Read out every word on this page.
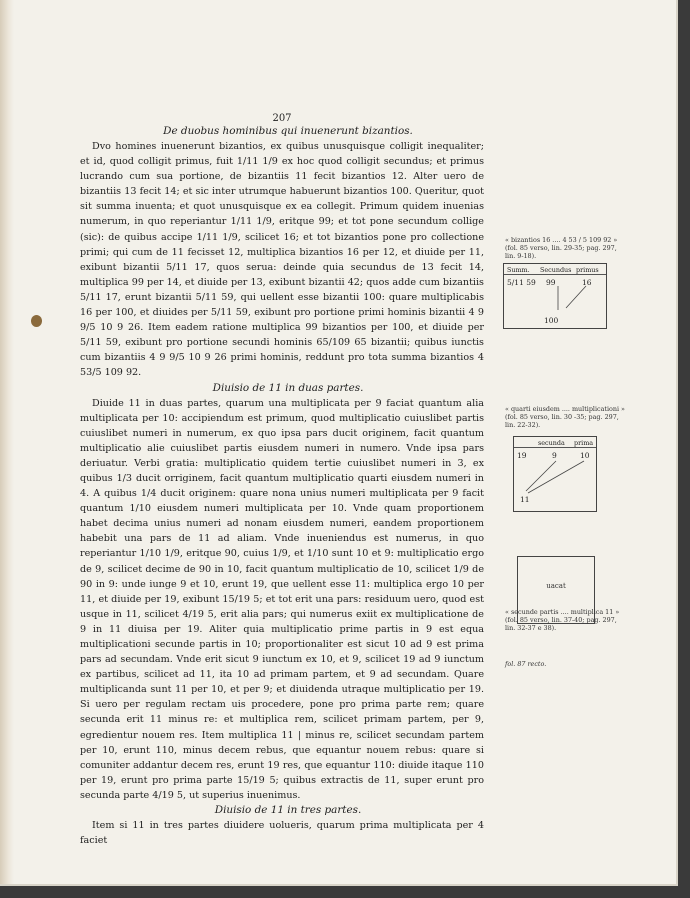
207

De duobus hominibus qui inuenerunt bizantios.

Dvo homines inuenerunt bizantios, ex quibus unusquisque colligit inequaliter; et id, quod colligit primus, fuit 1/11 1/9 ex hoc quod colligit secundus; et primus lucrando cum sua portione, de bizantiis 11 fecit bizantios 12. Alter uero de bizantiis 13 fecit 14; et sic inter utrumque habuerunt bizantios 100. Queritur, quot sit summa inuenta; et quot unusquisque ex ea collegit. Primum quidem inuenias numerum, in quo reperiantur 1/11 1/9, eritque 99; et tot pone secundum collige (sic): de quibus accipe 1/11 1/9, scilicet 16; et tot bizantios pone pro collectione primi; qui cum de 11 fecisset 12, multiplica bizantios 16 per 12, et diuide per 11, exibunt bizantii 5/11 17, quos serua: deinde quia secundus de 13 fecit 14, multiplica 99 per 14, et diuide per 13, exibunt bizantii 42; quos adde cum bizantiis 5/11 17, erunt bizantii 5/11 59, qui uellent esse bizantii 100: quare multiplicabis 16 per 100, et diuides per 5/11 59, exibunt pro portione primi hominis bizantii 4 9 9/5 10 9 26. Item eadem ratione multiplica 99 bizantios per 100, et diuide per 5/11 59, exibunt pro portione secundi hominis 65/109 65 bizantii; quibus iunctis cum bizantiis 4 9 9/5 10 9 26 primi hominis, reddunt pro tota summa bizantios 4 53/5 109 92.

Diuisio de 11 in duas partes.

Diuide 11 in duas partes, quarum una multiplicata per 9 faciat quantum alia multiplicata per 10: accipiendum est primum, quod multiplicatio cuiuslibet partis cuiuslibet numeri in numerum, ex quo ipsa pars ducit originem, facit quantum multiplicatio alie cuiuslibet partis eiusdem numeri in numero. Vnde ipsa pars deriuatur. Verbi gratia: multiplicatio quidem tertie cuiuslibet numeri in 3, ex quibus 1/3 ducit orriginem, facit quantum multiplicatio quarti eiusdem numeri in 4. A quibus 1/4 ducit originem: quare nona unius numeri multiplicata per 9 facit quantum 1/10 eiusdem numeri multiplicata per 10. Vnde quam proportionem habet decima unius numeri ad nonam eiusdem numeri, eandem proportionem habebit una pars de 11 ad aliam. Vnde inueniendus est numerus, in quo reperiantur 1/10 1/9, eritque 90, cuius 1/9, et 1/10 sunt 10 et 9: multiplicatio ergo de 9, scilicet decime de 90 in 10, facit quantum multiplicatio de 10, scilicet 1/9 de 90 in 9: unde iunge 9 et 10, erunt 19, que uellent esse 11: multiplica ergo 10 per 11, et diuide per 19, exibunt 15/19 5; et tot erit una pars: residuum uero, quod est usque in 11, scilicet 4/19 5, erit alia pars; qui numerus exiit ex multiplicatione de 9 in 11 diuisa per 19. Aliter quia multiplicatio prime partis in 9 est equa multiplicationi secunde partis in 10; proportionaliter est sicut 10 ad 9 est prima pars ad secundam. Vnde erit sicut 9 iunctum ex 10, et 9, scilicet 19 ad 9 iunctum ex partibus, scilicet ad 11, ita 10 ad primam partem, et 9 ad secundam. Quare multiplicanda sunt 11 per 10, et per 9; et diuidenda utraque multiplicatio per 19. Si uero per regulam rectam uis procedere, pone pro prima parte rem; quare secunda erit 11 minus re: et multiplica rem, scilicet primam partem, per 9, egredientur nouem res. Item multiplica 11 | minus re, scilicet secundam partem per 10, erunt 110, minus decem rebus, que equantur nouem rebus: quare si comuniter addantur decem res, erunt 19 res, que equantur 110: diuide itaque 110 per 19, erunt pro prima parte 15/19 5; quibus extractis de 11, super erunt pro secunda parte 4/19 5, ut superius inuenimus.

Diuisio de 11 in tres partes.

Item si 11 in tres partes diuidere uolueris, quarum prima multiplicata per 4 faciet

« bizantios 16 .... 4 53 / 5 109 92 » (fol. 85 verso, lin. 29-35; pag. 297, lin. 9-18).
Summ. Secundus primus
5/11 59 99	16
100
« quarti eiusdem .... multiplicationi » (fol. 85 verso, lin. 30 -35; pag. 297, lin. 22-32).
secunda prima
19	9	10
11
uacat
« secunde partis .... multiplica 11 » (fol. 85 verso, lin. 37-40; pag. 297, lin. 32-37 e 38).
fol. 87 recto.
